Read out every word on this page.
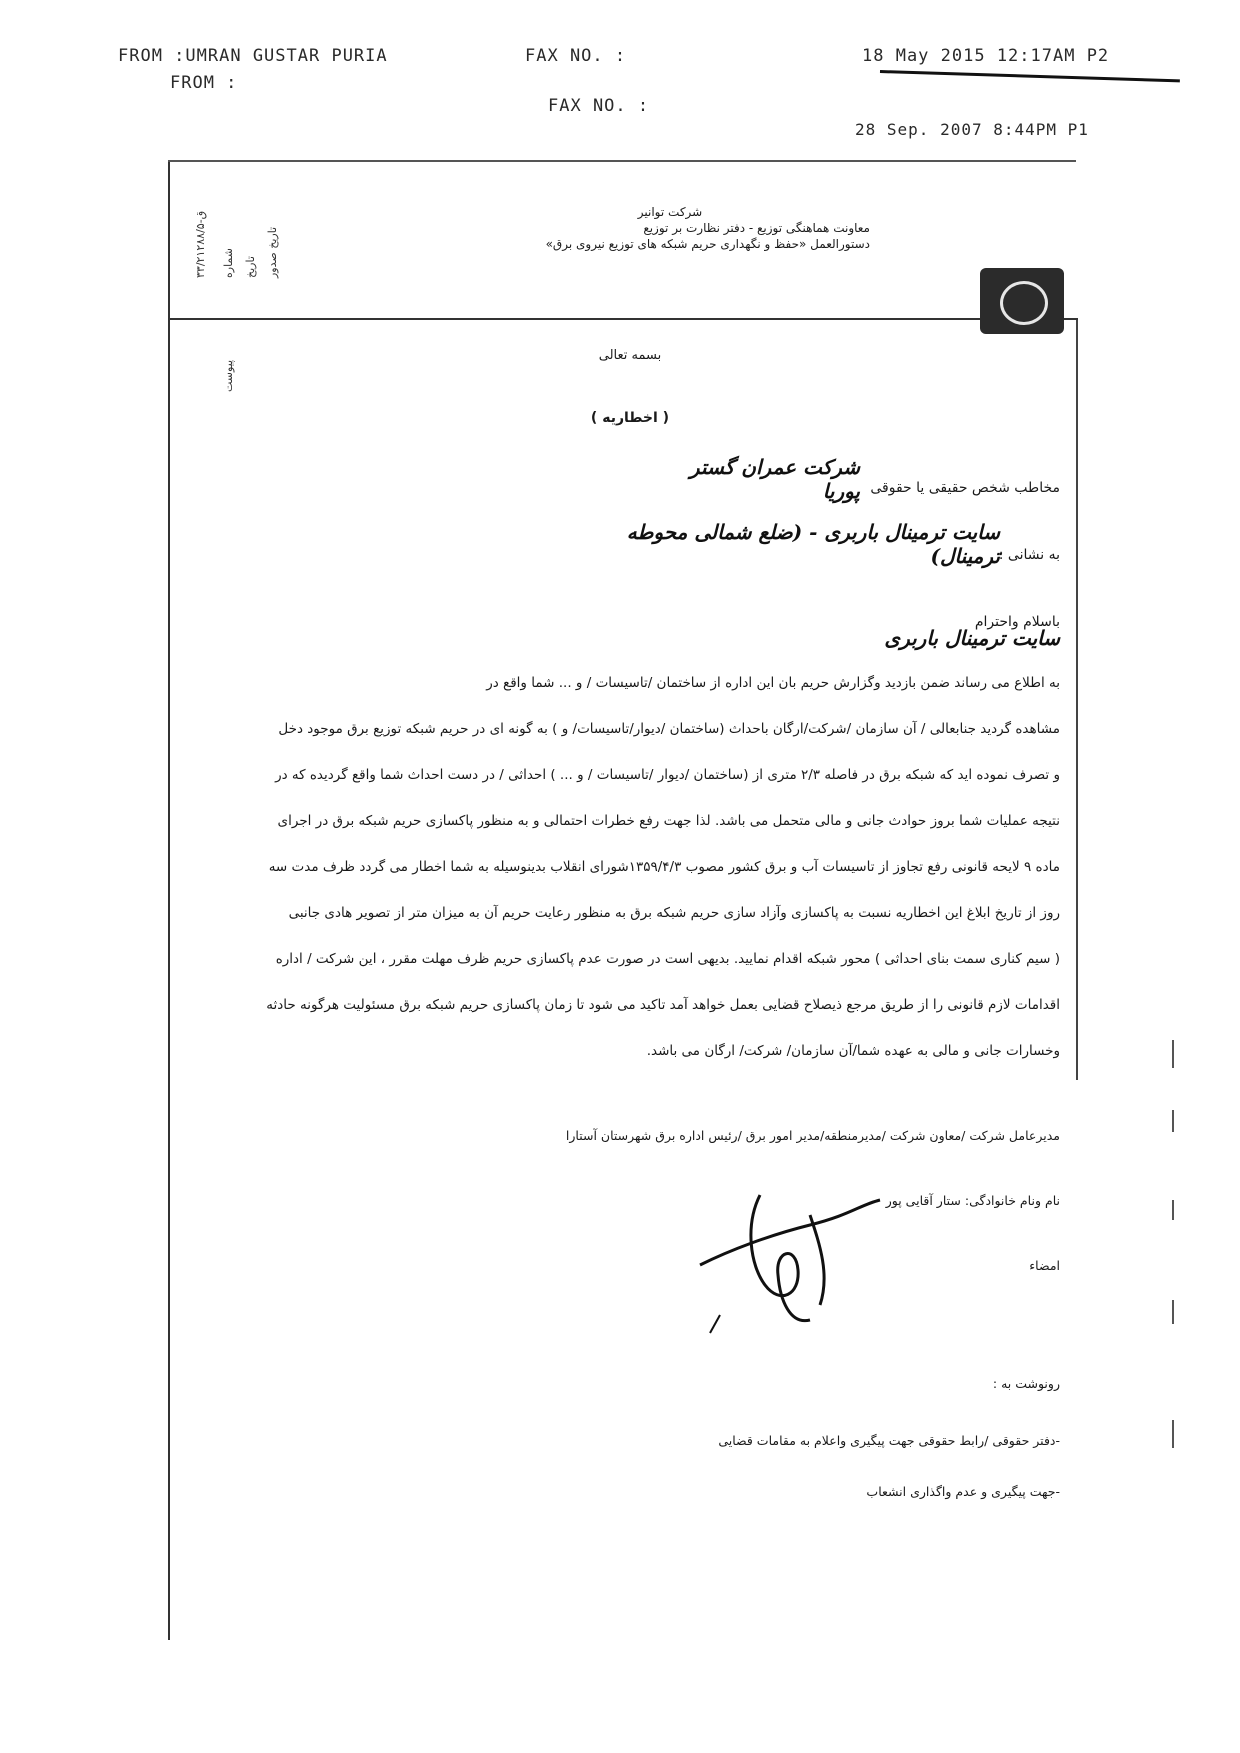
FROM :UMRAN GUSTAR PURIA
FROM :
FAX NO. :	18 May 2015 12:17AM P2
FAX NO. :
28 Sep. 2007 8:44PM P1
۳۳/۲۱۲۸۸/ق-۵
شماره تاریخ تاریخ صدور پیوست
شرکت توانیر
معاونت هماهنگی توزیع - دفتر نظارت بر توزیع
دستورالعمل «حفظ و نگهداری حریم شبکه های توزیع نیروی برق»
بسمه تعالی
( اخطاریه )
شرکت عمران گستر پوریا مخاطب شخص حقیقی یا حقوقی
سایت ترمینال باربری - (ضلع شمالی محوطه ترمینال)
به نشانی :
باسلام واحترام
سایت ترمینال باربری
به اطلاع می رساند ضمن بازدید وگزارش حریم بان این اداره از ساختمان /تاسیسات / و ... شما واقع در
مشاهده گردید جنابعالی / آن سازمان /شرکت/ارگان باحداث (ساختمان /دیوار/تاسیسات/ و ) به گونه ای در حریم شبکه توزیع برق موجود دخل
و تصرف نموده اید که شبکه برق در فاصله ۲/۳ متری از (ساختمان /دیوار /تاسیسات / و ... ) احداثی / در دست احداث شما واقع گردیده که در
نتیجه عملیات شما بروز حوادث جانی و مالی متحمل می باشد. لذا جهت رفع خطرات احتمالی و به منظور پاکسازی حریم شبکه برق در اجرای
ماده ۹ لایحه قانونی رفع تجاوز از تاسیسات آب و برق کشور مصوب ۱۳۵۹/۴/۳شورای انقلاب بدینوسیله به شما اخطار می گردد ظرف مدت سه
روز از تاریخ ابلاغ این اخطاریه نسبت به پاکسازی وآزاد سازی حریم شبکه برق به منظور رعایت حریم آن به میزان متر از تصویر هادی جانبی
( سیم کناری سمت بنای احداثی ) محور شبکه اقدام نمایید. بدیهی است در صورت عدم پاکسازی حریم ظرف مهلت مقرر ، این شرکت / اداره
اقدامات لازم قانونی را از طریق مرجع ذیصلاح قضایی بعمل خواهد آمد تاکید می شود تا زمان پاکسازی حریم شبکه برق مسئولیت هرگونه حادثه
وخسارات جانی و مالی به عهده شما/آن سازمان/ شرکت/ ارگان می باشد.
مدیرعامل شرکت /معاون شرکت /مدیرمنطقه/مدیر امور برق /رئیس اداره برق شهرستان آستارا
نام ونام خانوادگی: ستار آقایی پور
امضاء
رونوشت به :
-دفتر حقوقی /رابط حقوقی جهت پیگیری واعلام به مقامات قضایی
-جهت پیگیری و عدم واگذاری انشعاب
